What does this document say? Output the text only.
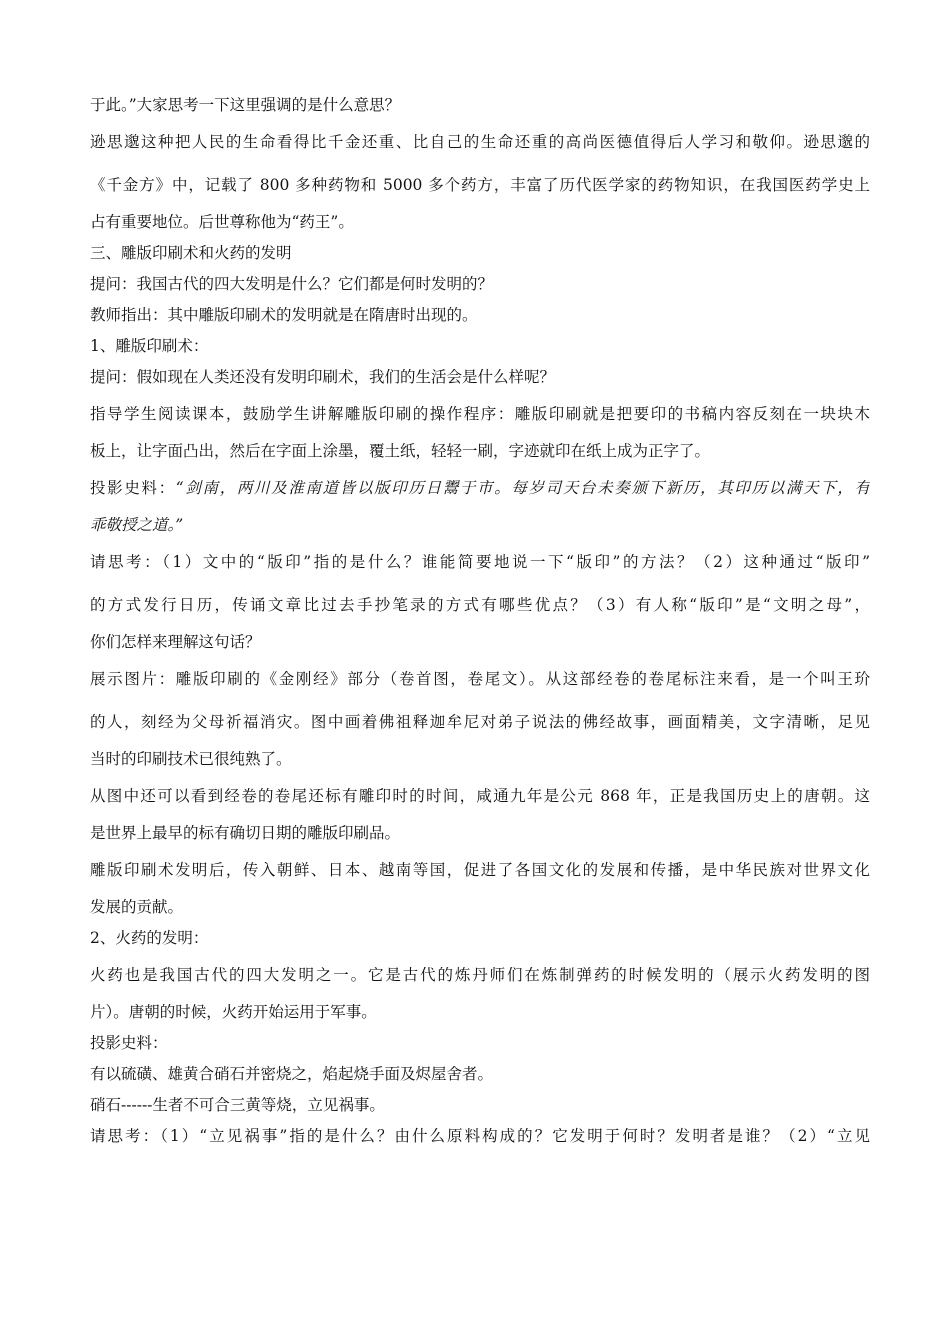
于此。”大家思考一下这里强调的是什么意思？

逊思邈这种把人民的生命看得比千金还重、比自己的生命还重的高尚医德值得后人学习和敬仰。逊思邈的

《千金方》中，记载了 800 多种药物和 5000 多个药方，丰富了历代医学家的药物知识，在我国医药学史上

占有重要地位。后世尊称他为“药王”。

三、雕版印刷术和火药的发明

提问：我国古代的四大发明是什么？它们都是何时发明的？

教师指出：其中雕版印刷术的发明就是在隋唐时出现的。

1、雕版印刷术：

提问：假如现在人类还没有发明印刷术，我们的生活会是什么样呢？

指导学生阅读课本，鼓励学生讲解雕版印刷的操作程序：雕版印刷就是把要印的书稿内容反刻在一块块木

板上，让字面凸出，然后在字面上涂墨，覆土纸，轻轻一刷，字迹就印在纸上成为正字了。

投影史料：“剑南，两川及淮南道皆以版印历日鬻于市。每岁司天台未奏颁下新历，其印历以满天下，有

乖敬授之道。”

请思考：（1）文中的“版印”指的是什么？谁能简要地说一下“版印”的方法？（2）这种通过“版印”

的方式发行日历，传诵文章比过去手抄笔录的方式有哪些优点？（3）有人称“版印”是“文明之母”，

你们怎样来理解这句话？

展示图片：雕版印刷的《金刚经》部分（卷首图，卷尾文）。从这部经卷的卷尾标注来看，是一个叫王玠

的人，刻经为父母祈福消灾。图中画着佛祖释迦牟尼对弟子说法的佛经故事，画面精美，文字清晰，足见

当时的印刷技术已很纯熟了。

从图中还可以看到经卷的卷尾还标有雕印时的时间，咸通九年是公元 868 年，正是我国历史上的唐朝。这

是世界上最早的标有确切日期的雕版印刷品。

雕版印刷术发明后，传入朝鲜、日本、越南等国，促进了各国文化的发展和传播，是中华民族对世界文化

发展的贡献。

2、火药的发明：

火药也是我国古代的四大发明之一。它是古代的炼丹师们在炼制弹药的时候发明的（展示火药发明的图

片）。唐朝的时候，火药开始运用于军事。

投影史料：

有以硫磺、雄黄合硝石并密烧之，焰起烧手面及烬屋舍者。

硝石------生者不可合三黄等烧，立见祸事。

请思考：（1）“立见祸事”指的是什么？由什么原料构成的？它发明于何时？发明者是谁？（2）“立见
